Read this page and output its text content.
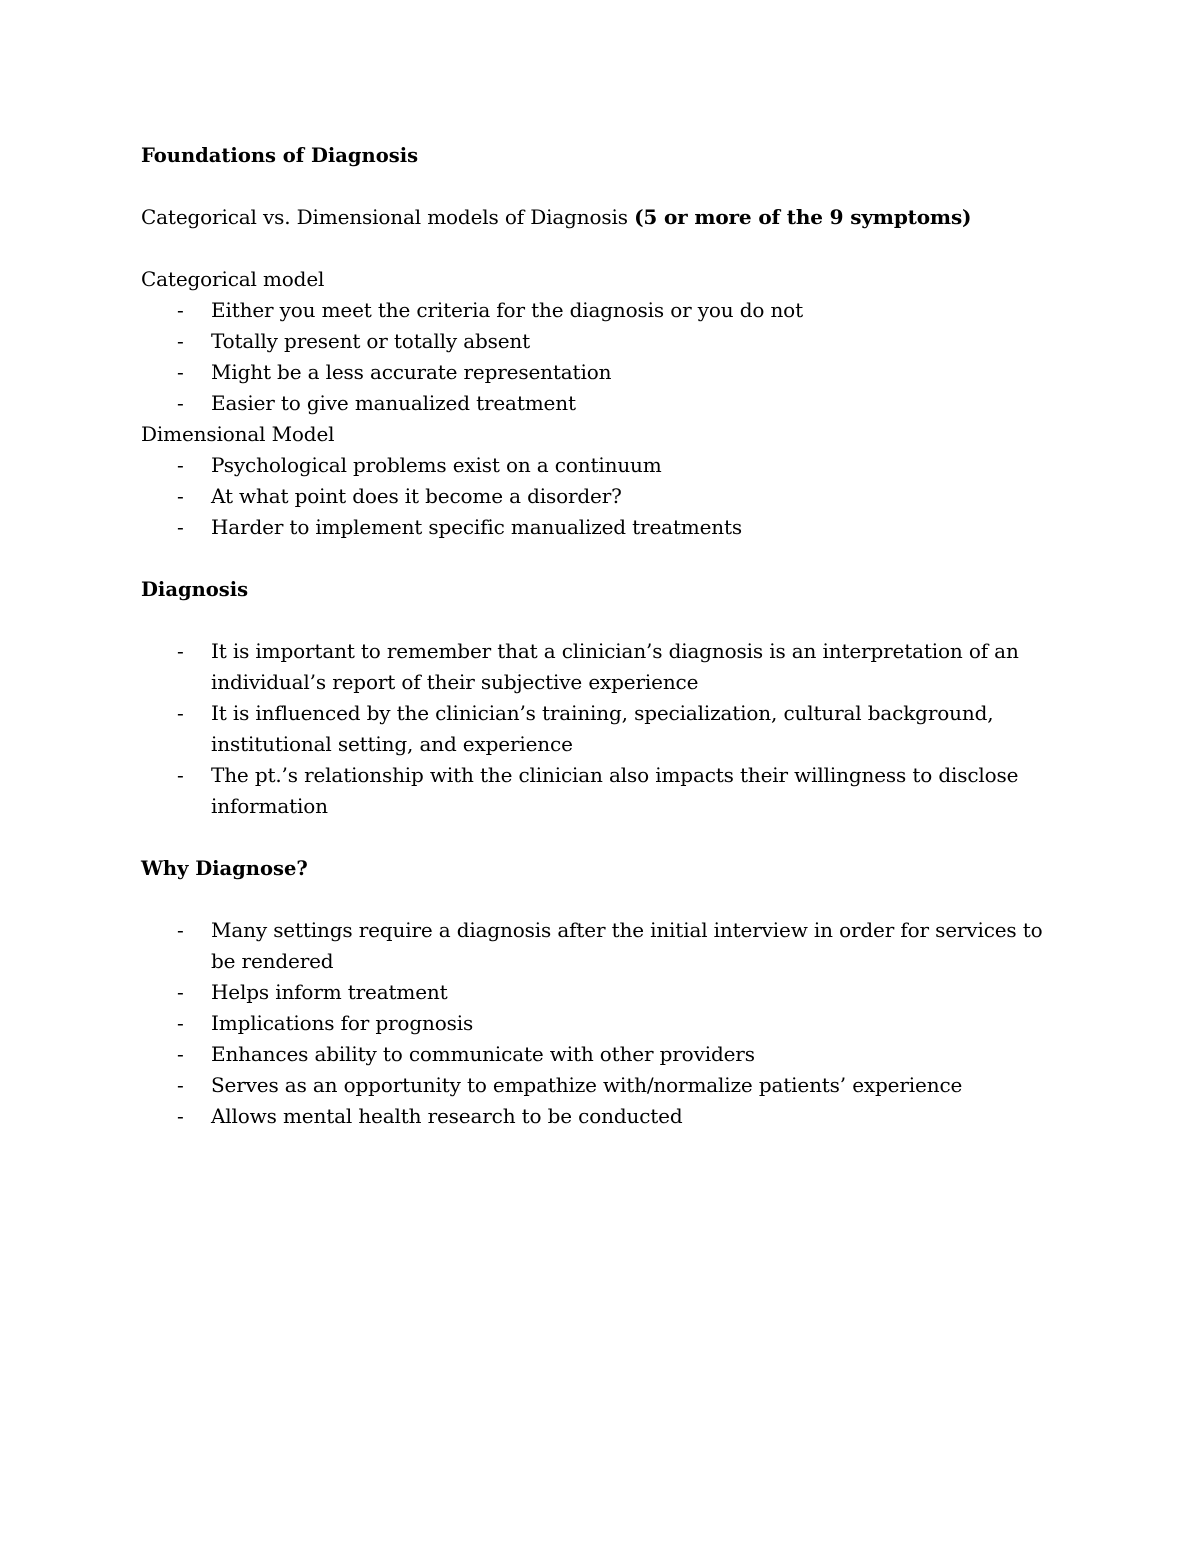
Foundations of Diagnosis

Categorical vs. Dimensional models of Diagnosis (5 or more of the 9 symptoms)

Categorical model

- Either you meet the criteria for the diagnosis or you do not
- Totally present or totally absent
- Might be a less accurate representation
- Easier to give manualized treatment

Dimensional Model

- Psychological problems exist on a continuum
- At what point does it become a disorder?
- Harder to implement specific manualized treatments

Diagnosis

- It is important to remember that a clinician’s diagnosis is an interpretation of an individual’s report of their subjective experience
- It is influenced by the clinician’s training, specialization, cultural background, institutional setting, and experience
- The pt.’s relationship with the clinician also impacts their willingness to disclose information

Why Diagnose?

- Many settings require a diagnosis after the initial interview in order for services to be rendered
- Helps inform treatment
- Implications for prognosis
- Enhances ability to communicate with other providers
- Serves as an opportunity to empathize with/normalize patients’ experience
- Allows mental health research to be conducted
